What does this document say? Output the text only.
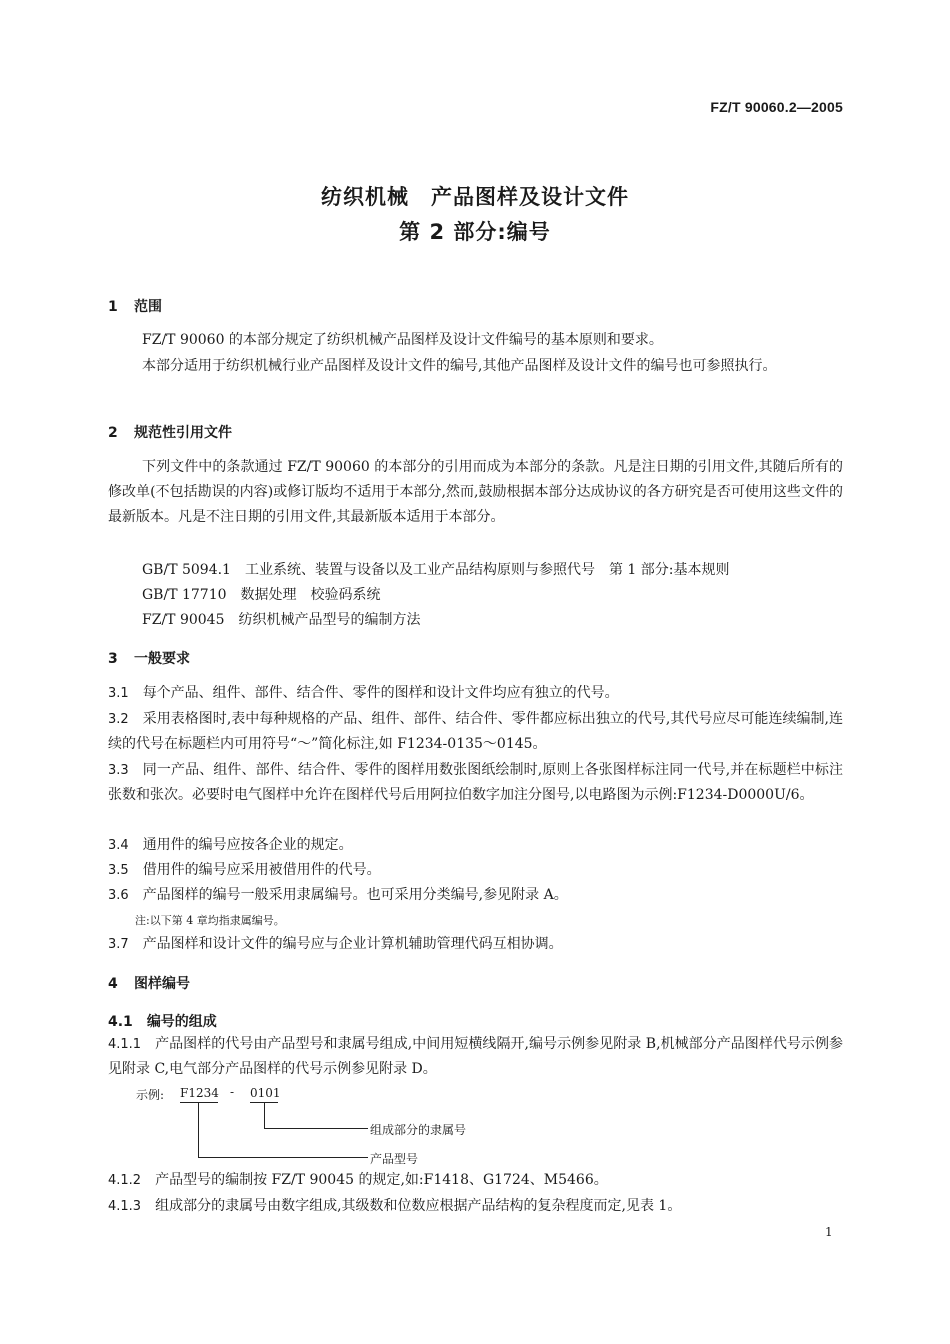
FZ/T 90060.2—2005
纺织机械　产品图样及设计文件
第 2 部分:编号
1 范围
FZ/T 90060 的本部分规定了纺织机械产品图样及设计文件编号的基本原则和要求。
本部分适用于纺织机械行业产品图样及设计文件的编号,其他产品图样及设计文件的编号也可参照执行。
2 规范性引用文件
下列文件中的条款通过 FZ/T 90060 的本部分的引用而成为本部分的条款。凡是注日期的引用文件,其随后所有的修改单(不包括勘误的内容)或修订版均不适用于本部分,然而,鼓励根据本部分达成协议的各方研究是否可使用这些文件的最新版本。凡是不注日期的引用文件,其最新版本适用于本部分。
GB/T 5094.1　工业系统、装置与设备以及工业产品结构原则与参照代号　第 1 部分:基本规则
GB/T 17710　数据处理　校验码系统
FZ/T 90045　纺织机械产品型号的编制方法
3 一般要求
3.1 每个产品、组件、部件、结合件、零件的图样和设计文件均应有独立的代号。
3.2 采用表格图时,表中每种规格的产品、组件、部件、结合件、零件都应标出独立的代号,其代号应尽可能连续编制,连续的代号在标题栏内可用符号“～”简化标注,如 F1234-0135～0145。
3.3 同一产品、组件、部件、结合件、零件的图样用数张图纸绘制时,原则上各张图样标注同一代号,并在标题栏中标注张数和张次。必要时电气图样中允许在图样代号后用阿拉伯数字加注分图号,以电路图为示例:F1234-D0000U/6。
3.4 通用件的编号应按各企业的规定。
3.5 借用件的编号应采用被借用件的代号。
3.6 产品图样的编号一般采用隶属编号。也可采用分类编号,参见附录 A。
注:以下第 4 章均指隶属编号。
3.7 产品图样和设计文件的编号应与企业计算机辅助管理代码互相协调。
4 图样编号
4.1 编号的组成
4.1.1 产品图样的代号由产品型号和隶属号组成,中间用短横线隔开,编号示例参见附录 B,机械部分产品图样代号示例参见附录 C,电气部分产品图样的代号示例参见附录 D。
示例: F1234 - 0101
组成部分的隶属号
产品型号
4.1.2 产品型号的编制按 FZ/T 90045 的规定,如:F1418、G1724、M5466。
4.1.3 组成部分的隶属号由数字组成,其级数和位数应根据产品结构的复杂程度而定,见表 1。
1
